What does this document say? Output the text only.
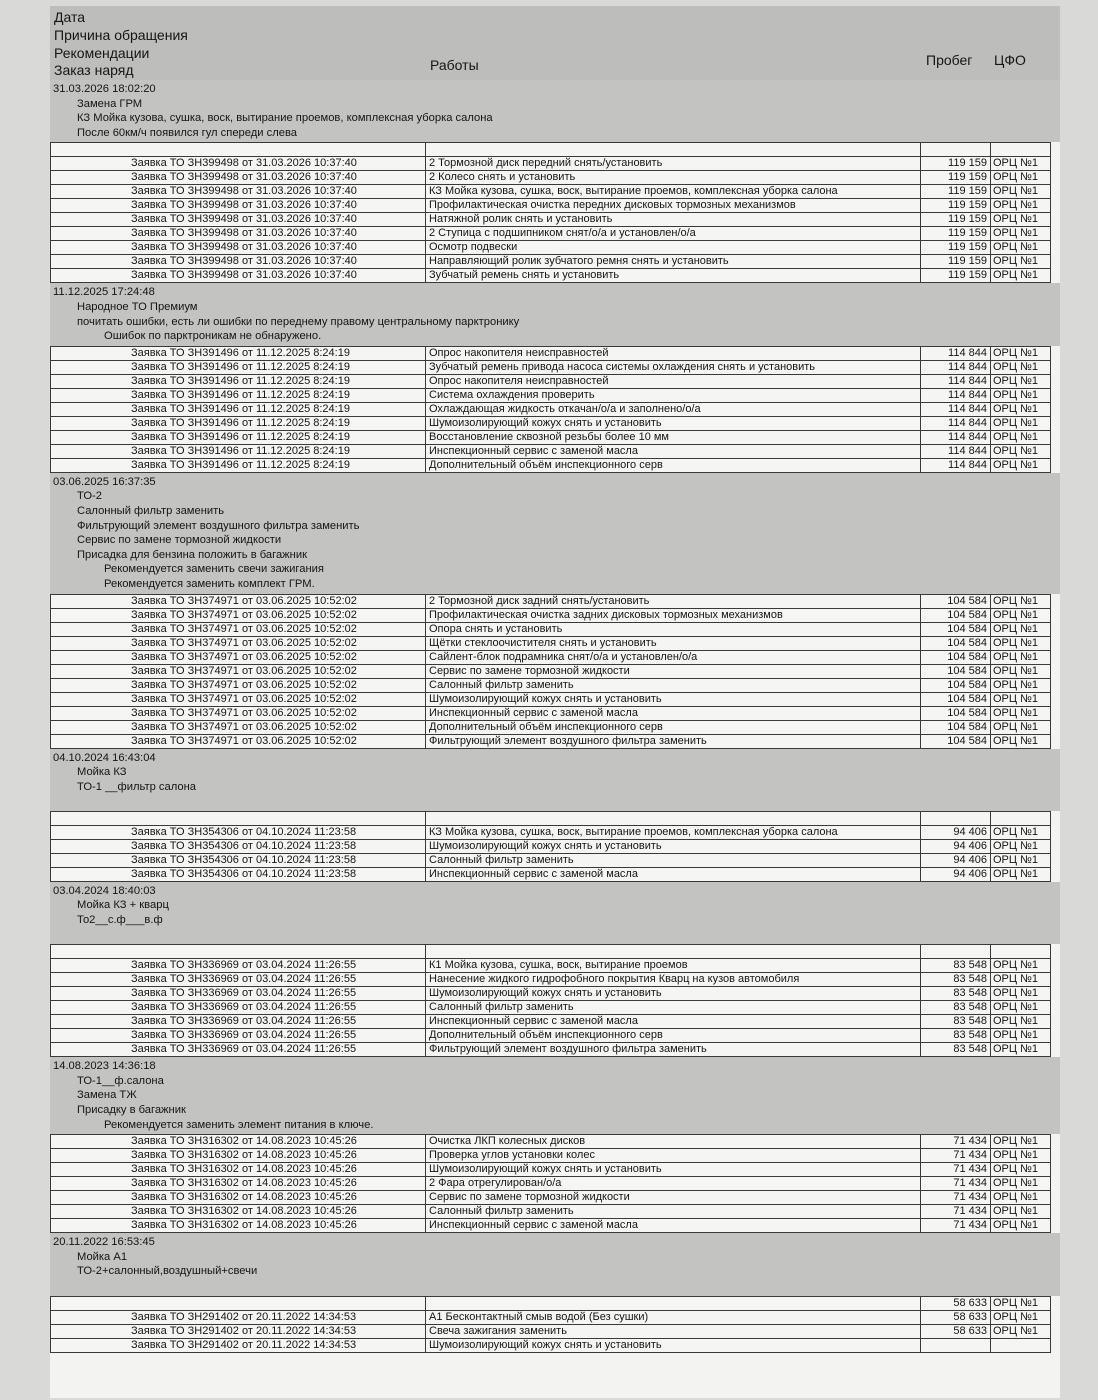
Дата
Причина обращения
Рекомендации
Заказ наряд	Работы	Пробег ЦФО
31.03.2026 18:02:20
Замена ГРМ
КЗ Мойка кузова, сушка, воск, вытирание проемов, комплексная уборка салона
После 60км/ч появился гул спереди слева

Заявка ТО ЗН399498 от 31.03.2026 10:37:40	2 Тормозной диск передний снять/установить	119 159	ОРЦ №1
Заявка ТО ЗН399498 от 31.03.2026 10:37:40	2 Колесо снять и установить	119 159	ОРЦ №1
Заявка ТО ЗН399498 от 31.03.2026 10:37:40	КЗ Мойка кузова, сушка, воск, вытирание проемов, комплексная уборка салона	119 159	ОРЦ №1
Заявка ТО ЗН399498 от 31.03.2026 10:37:40	Профилактическая очистка передних дисковых тормозных механизмов	119 159	ОРЦ №1
Заявка ТО ЗН399498 от 31.03.2026 10:37:40	Натяжной ролик снять и установить	119 159	ОРЦ №1
Заявка ТО ЗН399498 от 31.03.2026 10:37:40	2 Ступица с подшипником снят/о/а и установлен/о/а	119 159	ОРЦ №1
Заявка ТО ЗН399498 от 31.03.2026 10:37:40	Осмотр подвески	119 159	ОРЦ №1
Заявка ТО ЗН399498 от 31.03.2026 10:37:40	Направляющий ролик зубчатого ремня снять и установить	119 159	ОРЦ №1
Заявка ТО ЗН399498 от 31.03.2026 10:37:40	Зубчатый ремень снять и установить	119 159	ОРЦ №1
11.12.2025 17:24:48
Народное ТО Премиум
почитать ошибки, есть ли ошибки по переднему правому центральному парктронику
Ошибок по парктроникам не обнаружено.
Заявка ТО ЗН391496 от 11.12.2025 8:24:19	Опрос накопителя неисправностей	114 844	ОРЦ №1
Заявка ТО ЗН391496 от 11.12.2025 8:24:19	Зубчатый ремень привода насоса системы охлаждения снять и установить	114 844	ОРЦ №1
Заявка ТО ЗН391496 от 11.12.2025 8:24:19	Опрос накопителя неисправностей	114 844	ОРЦ №1
Заявка ТО ЗН391496 от 11.12.2025 8:24:19	Система охлаждения проверить	114 844	ОРЦ №1
Заявка ТО ЗН391496 от 11.12.2025 8:24:19	Охлаждающая жидкость откачан/о/а и заполнено/о/а	114 844	ОРЦ №1
Заявка ТО ЗН391496 от 11.12.2025 8:24:19	Шумоизолирующий кожух снять и установить	114 844	ОРЦ №1
Заявка ТО ЗН391496 от 11.12.2025 8:24:19	Восстановление сквозной резьбы более 10 мм	114 844	ОРЦ №1
Заявка ТО ЗН391496 от 11.12.2025 8:24:19	Инспекционный сервис с заменой масла	114 844	ОРЦ №1
Заявка ТО ЗН391496 от 11.12.2025 8:24:19	Дополнительный объём инспекционного серв	114 844	ОРЦ №1
03.06.2025 16:37:35
ТО-2
Салонный фильтр заменить
Фильтрующий элемент воздушного фильтра заменить
Сервис по замене тормозной жидкости
Присадка для бензина положить в багажник
Рекомендуется заменить свечи зажигания
Рекомендуется заменить комплект ГРМ.
Заявка ТО ЗН374971 от 03.06.2025 10:52:02	2 Тормозной диск задний снять/установить	104 584	ОРЦ №1
Заявка ТО ЗН374971 от 03.06.2025 10:52:02	Профилактическая очистка задних дисковых тормозных механизмов	104 584	ОРЦ №1
Заявка ТО ЗН374971 от 03.06.2025 10:52:02	Опора снять и установить	104 584	ОРЦ №1
Заявка ТО ЗН374971 от 03.06.2025 10:52:02	Щётки стеклоочистителя снять и установить	104 584	ОРЦ №1
Заявка ТО ЗН374971 от 03.06.2025 10:52:02	Сайлент-блок подрамника снят/о/а и установлен/о/а	104 584	ОРЦ №1
Заявка ТО ЗН374971 от 03.06.2025 10:52:02	Сервис по замене тормозной жидкости	104 584	ОРЦ №1
Заявка ТО ЗН374971 от 03.06.2025 10:52:02	Салонный фильтр заменить	104 584	ОРЦ №1
Заявка ТО ЗН374971 от 03.06.2025 10:52:02	Шумоизолирующий кожух снять и установить	104 584	ОРЦ №1
Заявка ТО ЗН374971 от 03.06.2025 10:52:02	Инспекционный сервис с заменой масла	104 584	ОРЦ №1
Заявка ТО ЗН374971 от 03.06.2025 10:52:02	Дополнительный объём инспекционного серв	104 584	ОРЦ №1
Заявка ТО ЗН374971 от 03.06.2025 10:52:02	Фильтрующий элемент воздушного фильтра заменить	104 584	ОРЦ №1
04.10.2024 16:43:04
Мойка КЗ
ТО-1 __фильтр салона

Заявка ТО ЗН354306 от 04.10.2024 11:23:58	КЗ Мойка кузова, сушка, воск, вытирание проемов, комплексная уборка салона	94 406	ОРЦ №1
Заявка ТО ЗН354306 от 04.10.2024 11:23:58	Шумоизолирующий кожух снять и установить	94 406	ОРЦ №1
Заявка ТО ЗН354306 от 04.10.2024 11:23:58	Салонный фильтр заменить	94 406	ОРЦ №1
Заявка ТО ЗН354306 от 04.10.2024 11:23:58	Инспекционный сервис с заменой масла	94 406	ОРЦ №1
03.04.2024 18:40:03
Мойка КЗ + кварц
То2__с.ф___в.ф

Заявка ТО ЗН336969 от 03.04.2024 11:26:55	К1 Мойка кузова, сушка, воск, вытирание проемов	83 548	ОРЦ №1
Заявка ТО ЗН336969 от 03.04.2024 11:26:55	Нанесение жидкого гидрофобного покрытия Кварц на кузов автомобиля	83 548	ОРЦ №1
Заявка ТО ЗН336969 от 03.04.2024 11:26:55	Шумоизолирующий кожух снять и установить	83 548	ОРЦ №1
Заявка ТО ЗН336969 от 03.04.2024 11:26:55	Салонный фильтр заменить	83 548	ОРЦ №1
Заявка ТО ЗН336969 от 03.04.2024 11:26:55	Инспекционный сервис с заменой масла	83 548	ОРЦ №1
Заявка ТО ЗН336969 от 03.04.2024 11:26:55	Дополнительный объём инспекционного серв	83 548	ОРЦ №1
Заявка ТО ЗН336969 от 03.04.2024 11:26:55	Фильтрующий элемент воздушного фильтра заменить	83 548	ОРЦ №1
14.08.2023 14:36:18
ТО-1__ф.салона
Замена ТЖ
Присадку в багажник
Рекомендуется заменить элемент питания в ключе.
Заявка ТО ЗН316302 от 14.08.2023 10:45:26	Очистка ЛКП колесных дисков	71 434	ОРЦ №1
Заявка ТО ЗН316302 от 14.08.2023 10:45:26	Проверка углов установки колес	71 434	ОРЦ №1
Заявка ТО ЗН316302 от 14.08.2023 10:45:26	Шумоизолирующий кожух снять и установить	71 434	ОРЦ №1
Заявка ТО ЗН316302 от 14.08.2023 10:45:26	2 Фара отрегулирован/о/а	71 434	ОРЦ №1
Заявка ТО ЗН316302 от 14.08.2023 10:45:26	Сервис по замене тормозной жидкости	71 434	ОРЦ №1
Заявка ТО ЗН316302 от 14.08.2023 10:45:26	Салонный фильтр заменить	71 434	ОРЦ №1
Заявка ТО ЗН316302 от 14.08.2023 10:45:26	Инспекционный сервис с заменой масла	71 434	ОРЦ №1
20.11.2022 16:53:45
Мойка А1
ТО-2+салонный,воздушный+свечи

		58 633	ОРЦ №1
Заявка ТО ЗН291402 от 20.11.2022 14:34:53	А1 Бесконтактный смыв водой (Без сушки)	58 633	ОРЦ №1
Заявка ТО ЗН291402 от 20.11.2022 14:34:53	Свеча зажигания заменить	58 633	ОРЦ №1
Заявка ТО ЗН291402 от 20.11.2022 14:34:53	Шумоизолирующий кожух снять и установить		
